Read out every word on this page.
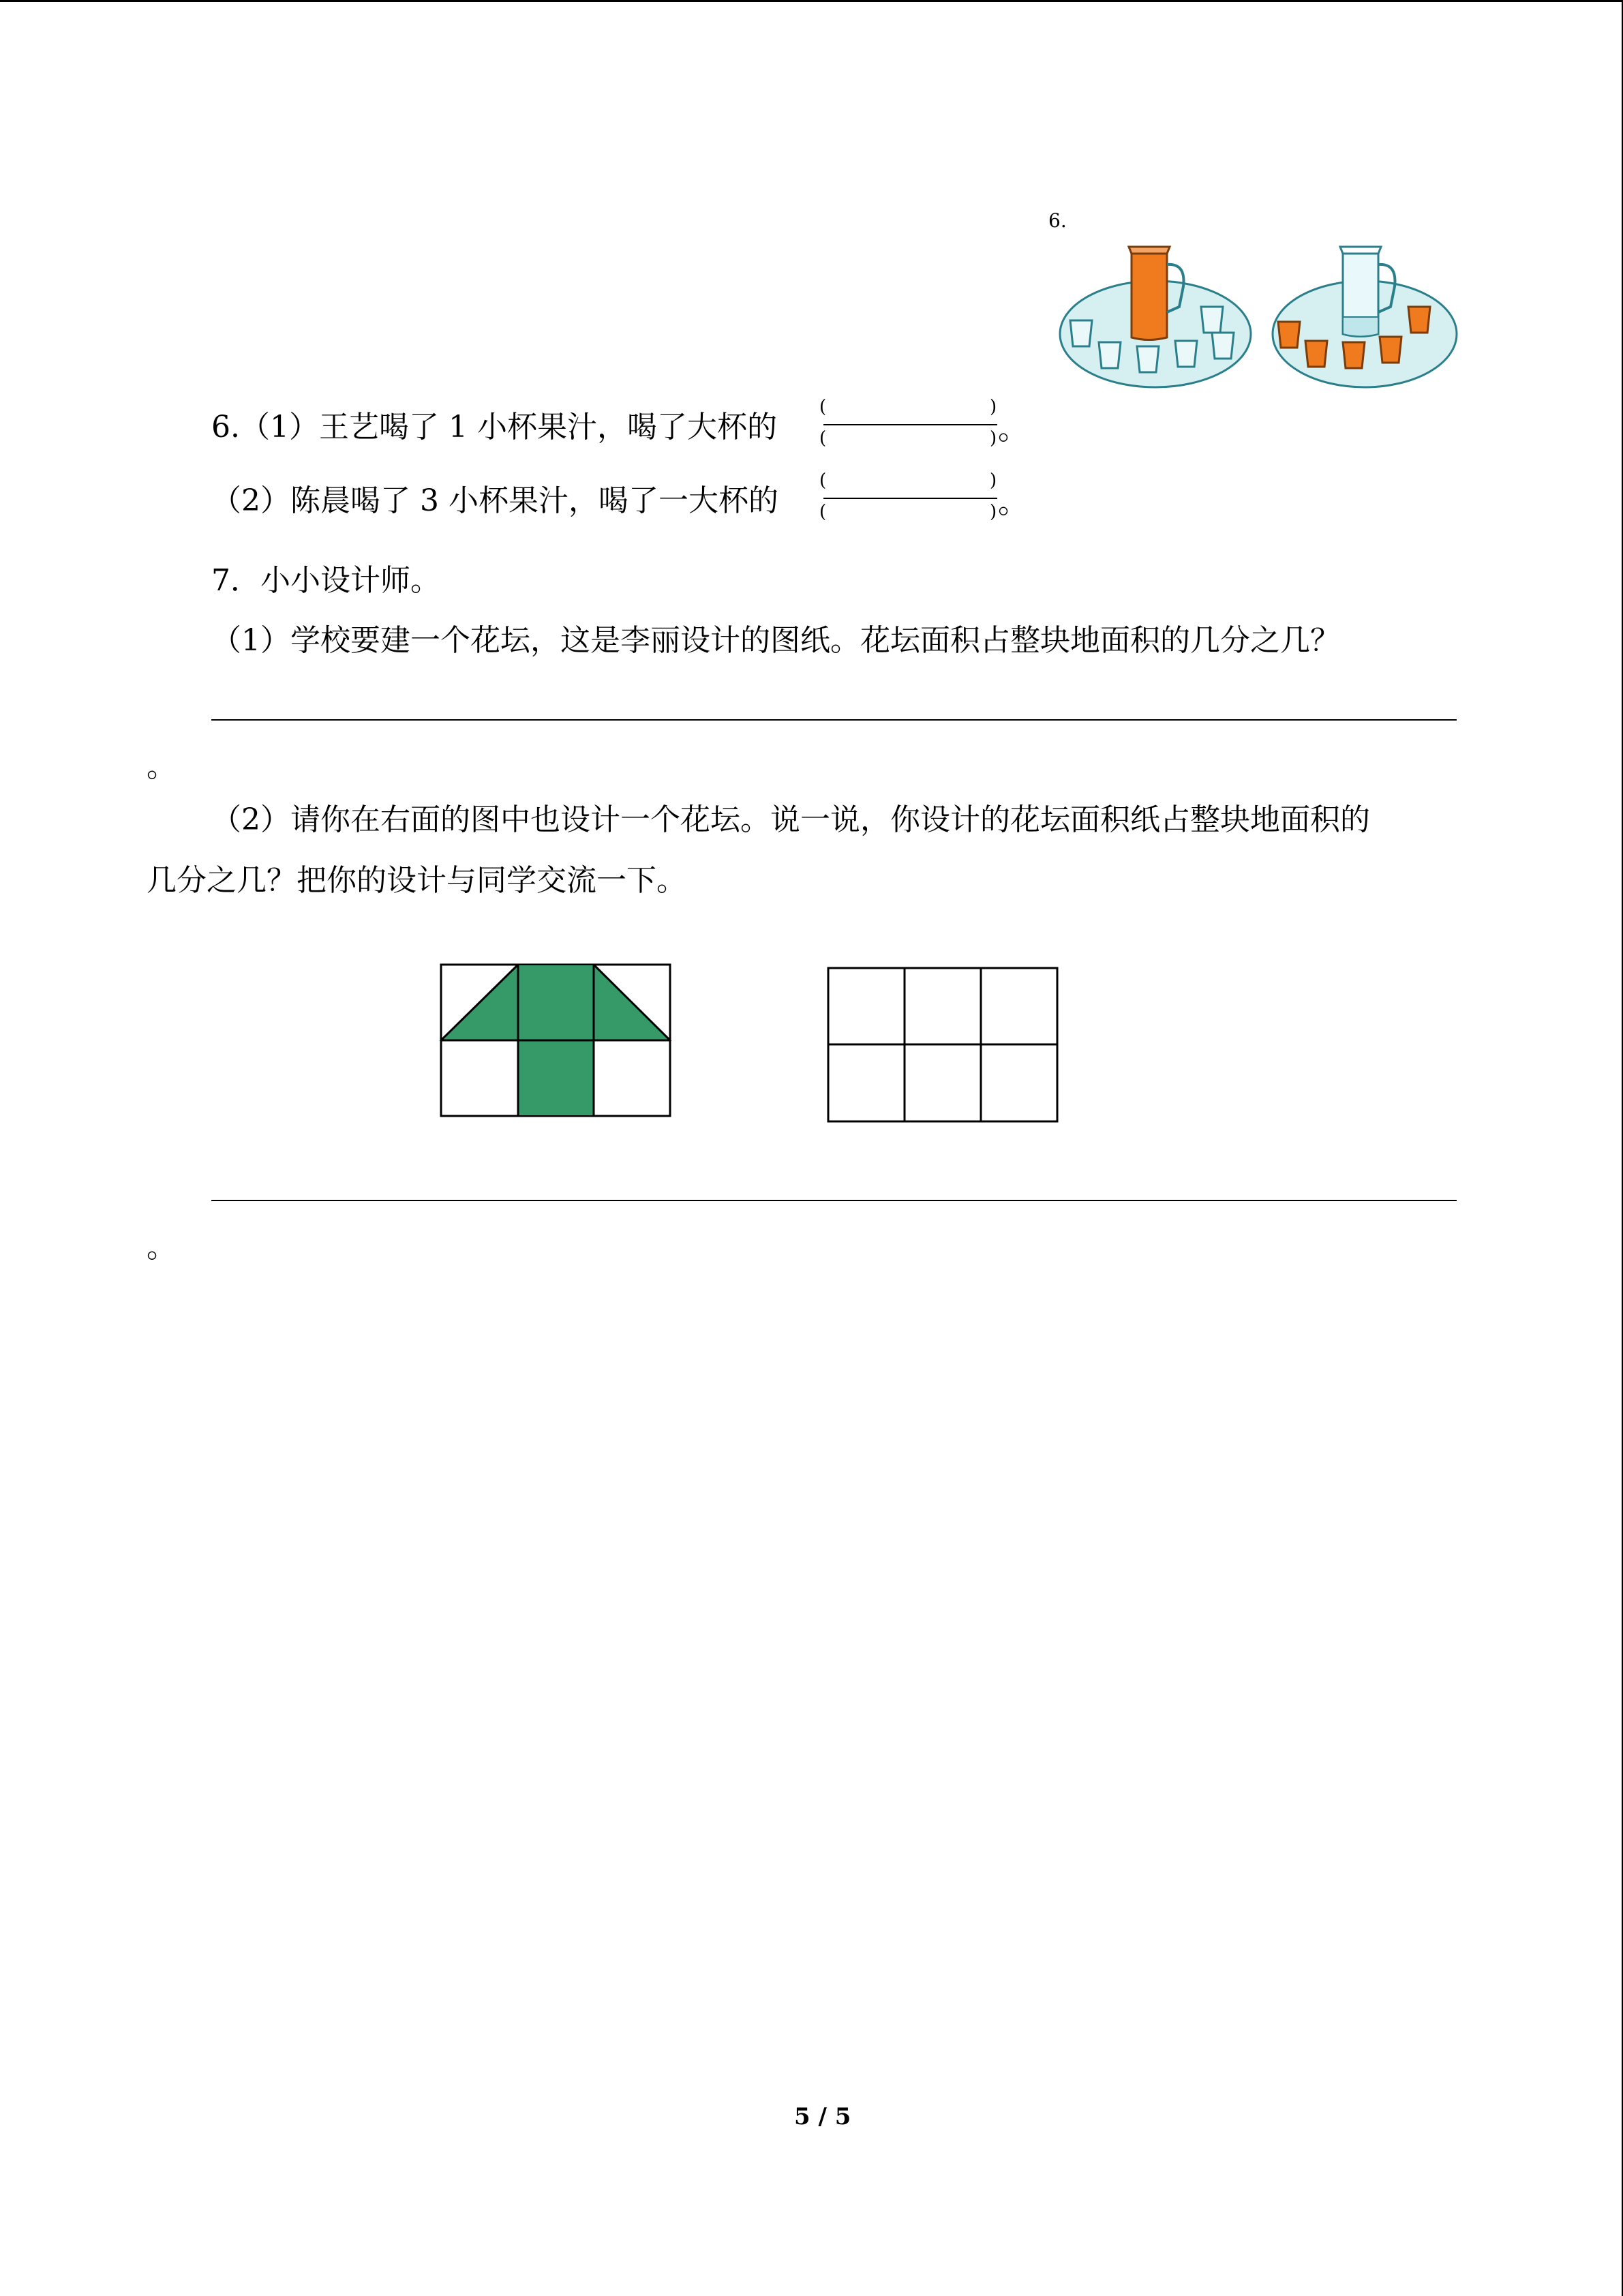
6.
6.（1）王艺喝了 1 小杯果汁，喝了大杯的
(	)
(	) 。
（2）陈晨喝了 3 小杯果汁，喝了一大杯的
(	)
(	) 。
7．小小设计师。
（1）学校要建一个花坛，这是李丽设计的图纸。花坛面积占整块地面积的几分之几？
。
（2）请你在右面的图中也设计一个花坛。说一说，你设计的花坛面积纸占整块地面积的
几分之几？把你的设计与同学交流一下。
。
5 / 5
